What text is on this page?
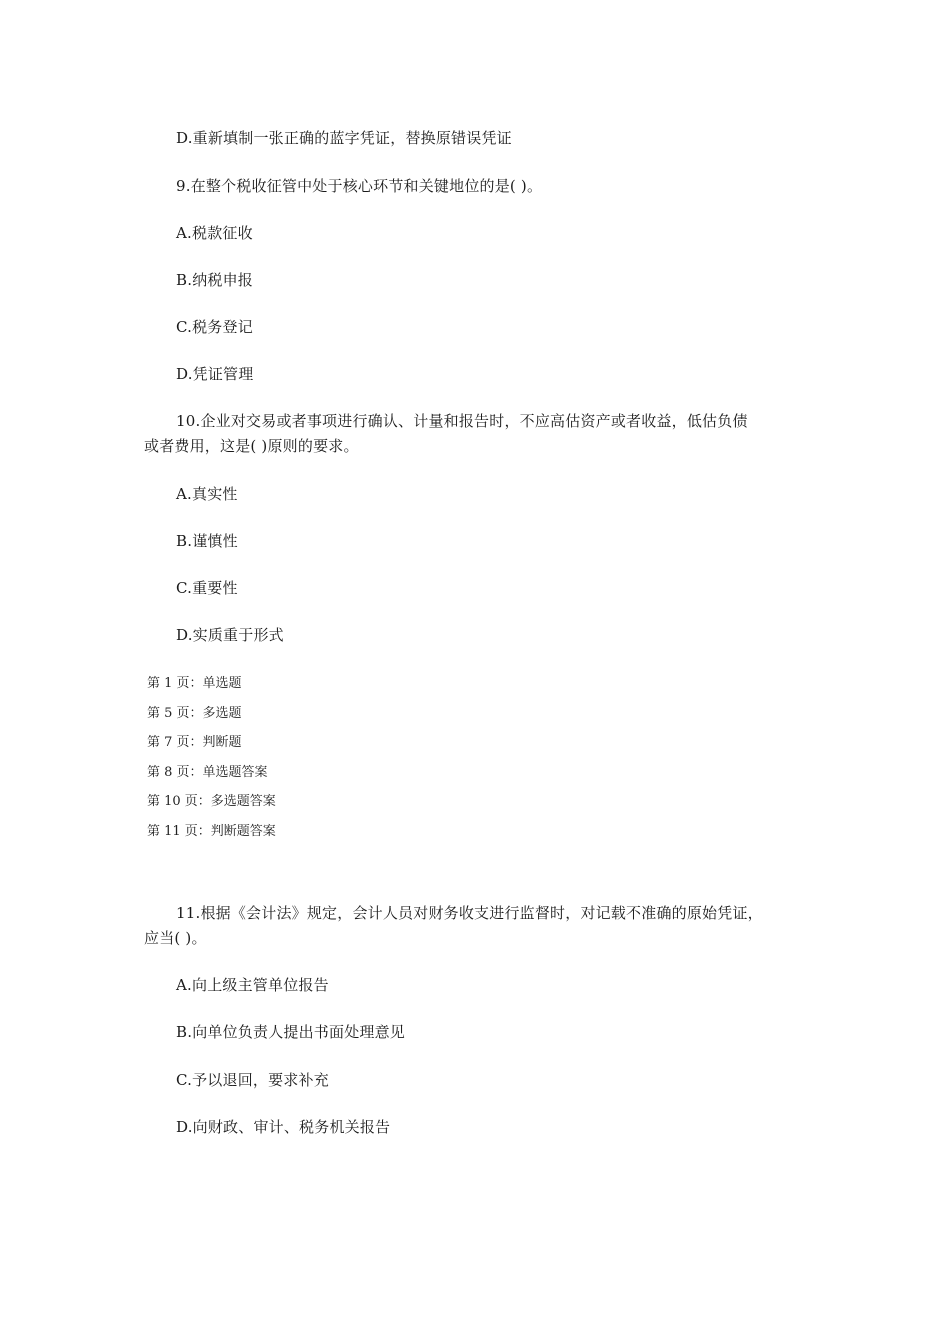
D.重新填制一张正确的蓝字凭证，替换原错误凭证
9.在整个税收征管中处于核心环节和关键地位的是( )。
A.税款征收
B.纳税申报
C.税务登记
D.凭证管理
10.企业对交易或者事项进行确认、计量和报告时，不应高估资产或者收益，低估负债
或者费用，这是( )原则的要求。
A.真实性
B.谨慎性
C.重要性
D.实质重于形式
第 1 页：单选题
第 5 页：多选题
第 7 页：判断题
第 8 页：单选题答案
第 10 页：多选题答案
第 11 页：判断题答案
11.根据《会计法》规定，会计人员对财务收支进行监督时，对记载不准确的原始凭证，
应当( )。
A.向上级主管单位报告
B.向单位负责人提出书面处理意见
C.予以退回，要求补充
D.向财政、审计、税务机关报告
